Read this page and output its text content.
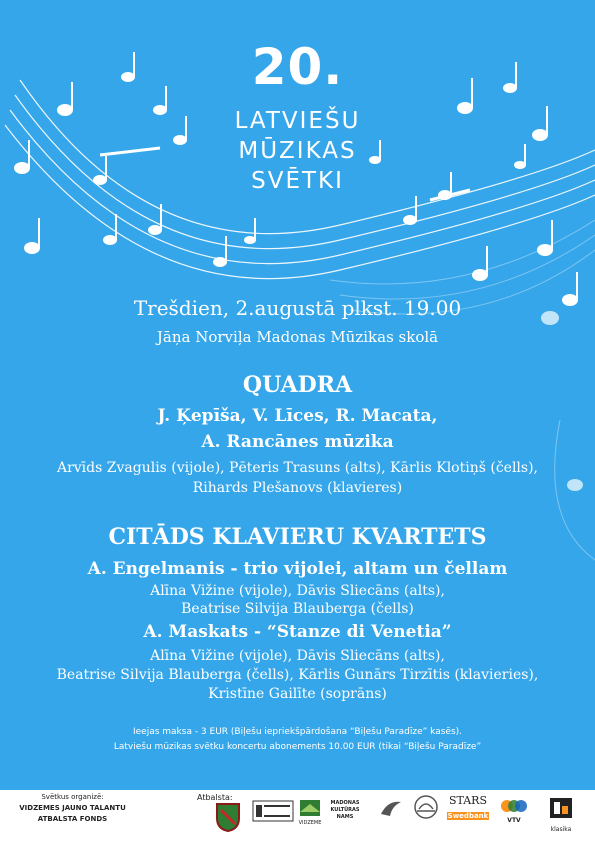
20.
LATVIEŠU
MŪZIKAS
SVĒTKI
Trešdien, 2.augustā plkst. 19.00
Jāņa Norviļa Madonas Mūzikas skolā
QUADRA
J. Ķepīša, V. Līces, R. Macata,
A. Rancānes mūzika
Arvīds Zvagulis (vijole), Pēteris Trasuns (alts), Kārlis Klotiņš (čells),
Rihards Plešanovs (klavieres)
CITĀDS KLAVIERU KVARTETS
A. Engelmanis - trio vijolei, altam un čellam
Alīna Vižine (vijole), Dāvis Sliecāns (alts),
Beatrise Silvija Blauberga (čells)
A. Maskats - “Stanze di Venetia”
Alīna Vižine (vijole), Dāvis Sliecāns (alts),
Beatrise Silvija Blauberga (čells), Kārlis Gunārs Tirzītis (klavieries),
Kristīne Gailīte (soprāns)
Ieejas maksa - 3 EUR (Biļešu iepriekšpārdošana “Biļešu Paradīze” kasēs).
Latviešu mūzikas svētku koncertu abonements 10.00 EUR (tikai “Biļešu Paradīze”
Svētkus organizē:
VIDZEMES JAUNO TALANTU
ATBALSTA FONDS
Atbalsta:
VIDZEME
MADONAS
KULTŪRAS
NAMS
STARS
Swedbank
VTV
klasika
